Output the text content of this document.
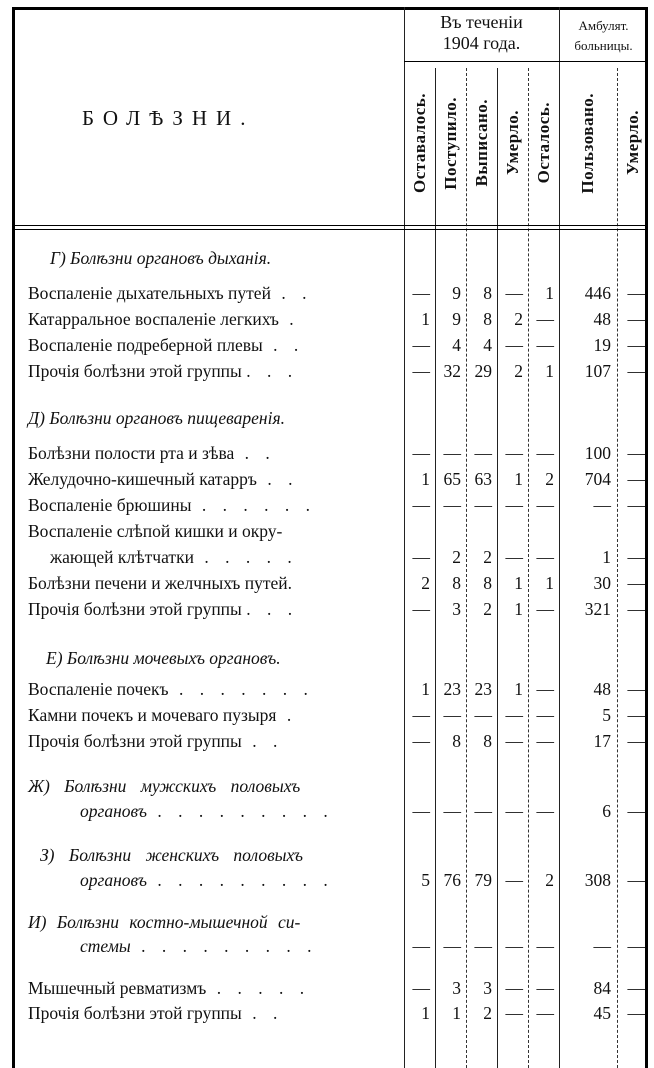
БОЛѢЗНИ.
Въ теченіи
1904 года.
Амбулят.
больницы.
Оставалось. Поступило. Выписано. Умерло. Осталось. Пользовано. Умерло.
Г) Болѣзни органовъ дыханія.
Воспаленіе дыхательныхъ путей . .	—	9	8 —	1	446 —
Катарральное воспаленіе легкихъ .	1	9	8	2 —	48 —
Воспаленіе подреберной плевы . .	—	4	4 — —	19 —
Прочія болѣзни этой группы . . .	— 32 29	2	1	107 —
Д) Болѣзни органовъ пищеваренія.
Болѣзни полости рта и зѣва . .	— — — — —	100 —
Желудочно-кишечный катарръ . .	1 65 63	1	2	704 —
Воспаленіе брюшины . . . . . .	— — — — —	— —
Воспаленіе слѣпой кишки и окру-
жающей клѣтчатки . . . . .	—	2	2 — —	1 —
Болѣзни печени и желчныхъ путей.	2	8	8	1	1	30 —
Прочія болѣзни этой группы . . .	—	3	2	1 —	321 —
Е) Болѣзни мочевыхъ органовъ.
Воспаленіе почекъ . . . . . . .	1 23 23	1 —	48 —
Камни почекъ и мочеваго пузыря .	— — — — —	5 —
Прочія болѣзни этой группы . .	—	8	8 — —	17 —
Ж) Болѣзни мужскихъ половыхъ
органовъ . . . . . . . . .	— — — — —	6 —
З) Болѣзни женскихъ половыхъ
органовъ . . . . . . . . .	5 76 79 —	2	308 —
И) Болѣзни костно-мышечной си-
стемы . . . . . . . . .	— — — — —	— —
Мышечный ревматизмъ . . . . .	—	3	3 — —	84 —
Прочія болѣзни этой группы . .	1	1	2 — —	45 —
